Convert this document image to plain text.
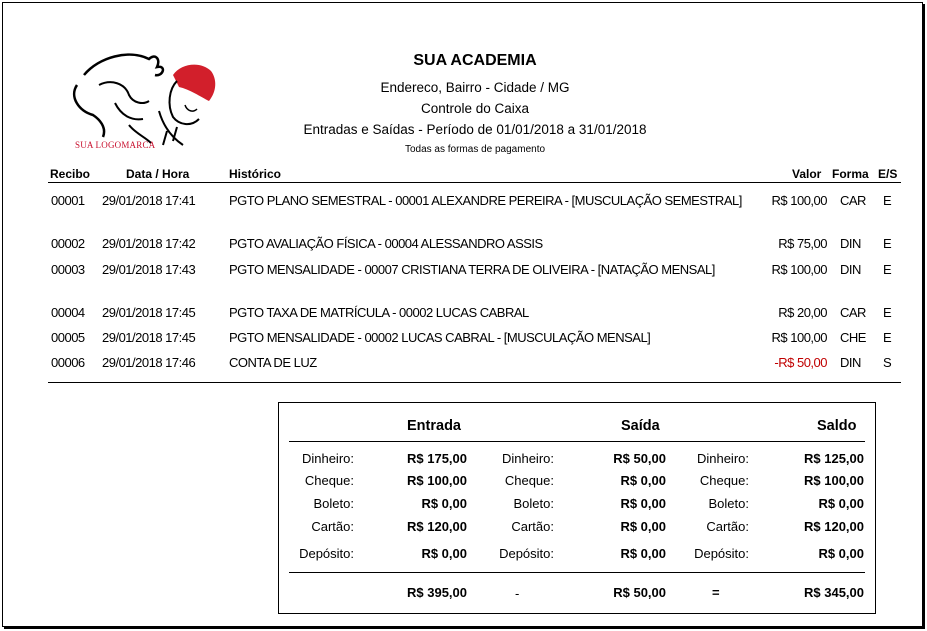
SUA LOGOMARCA
SUA ACADEMIA
Endereco, Bairro - Cidade / MG
Controle do Caixa
Entradas e Saídas - Período de 01/01/2018 a 31/01/2018
Todas as formas de pagamento
Recibo	Data / Hora	Histórico	Valor Forma E/S
00001 29/01/2018 17:41	PGTO PLANO SEMESTRAL - 00001 ALEXANDRE PEREIRA - [MUSCULAÇÃO SEMESTRAL]	R$ 100,00 CAR E
00002 29/01/2018 17:42	PGTO AVALIAÇÃO FÍSICA - 00004 ALESSANDRO ASSIS	R$ 75,00 DIN E
00003 29/01/2018 17:43	PGTO MENSALIDADE - 00007 CRISTIANA TERRA DE OLIVEIRA - [NATAÇÃO MENSAL]	R$ 100,00 DIN E
00004 29/01/2018 17:45	PGTO TAXA DE MATRÍCULA - 00002 LUCAS CABRAL	R$ 20,00 CAR E
00005 29/01/2018 17:45	PGTO MENSALIDADE - 00002 LUCAS CABRAL - [MUSCULAÇÃO MENSAL]	R$ 100,00 CHE E
00006 29/01/2018 17:46	CONTA DE LUZ	-R$ 50,00 DIN S
Entrada	Saída	Saldo
Dinheiro:	R$ 175,00	Dinheiro:	R$ 50,00	Dinheiro:	R$ 125,00
Cheque:	R$ 100,00	Cheque:	R$ 0,00	Cheque:	R$ 100,00
Boleto:	R$ 0,00	Boleto:	R$ 0,00	Boleto:	R$ 0,00
Cartão:	R$ 120,00	Cartão:	R$ 0,00	Cartão:	R$ 120,00
Depósito:	R$ 0,00	Depósito:	R$ 0,00	Depósito:	R$ 0,00
R$ 395,00	-	R$ 50,00	=	R$ 345,00
